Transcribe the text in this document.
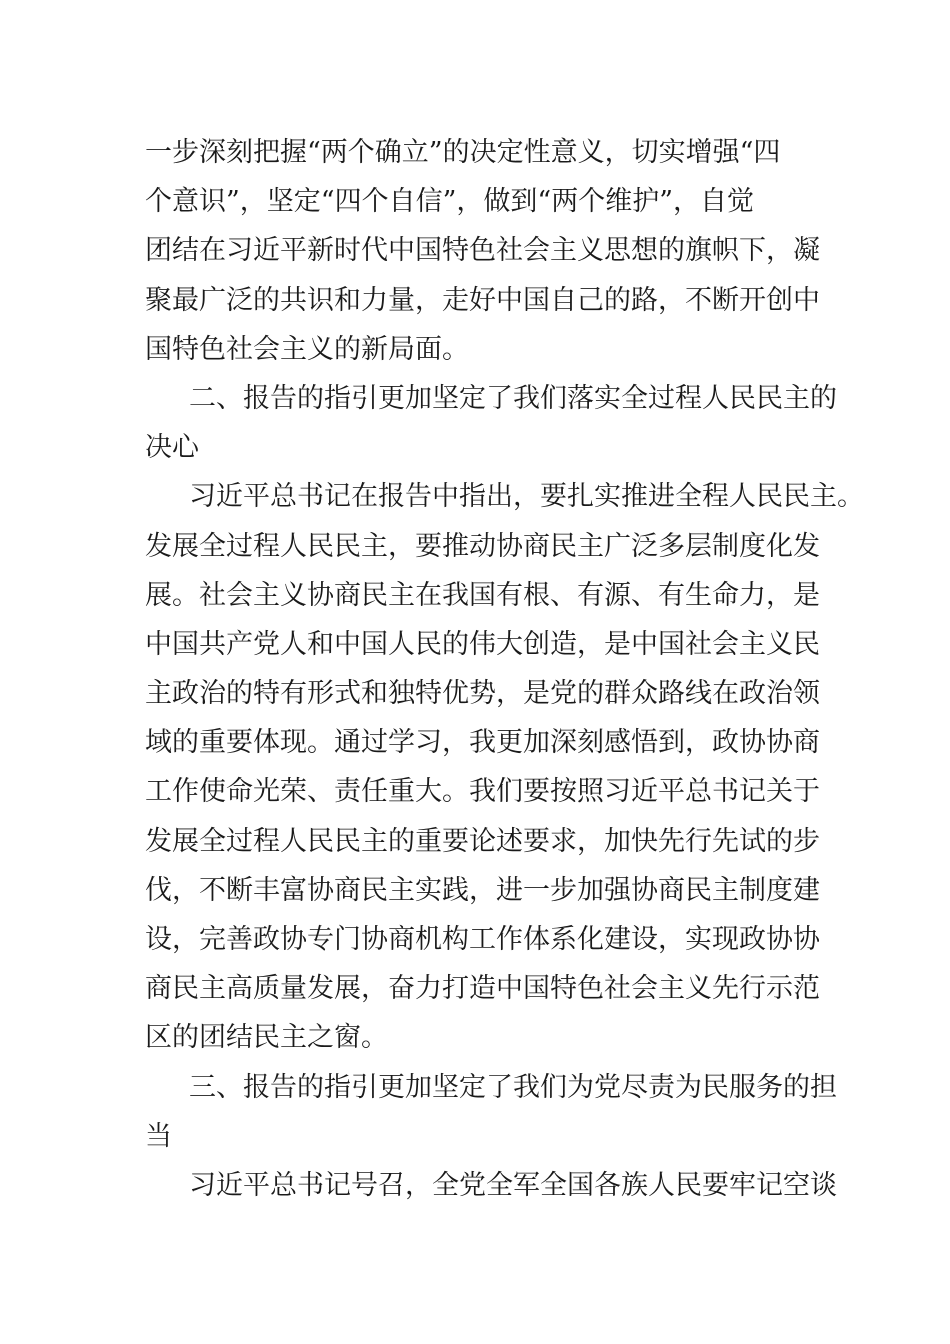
一步深刻把握“两个确立”的决定性意义，切实增强“四
个意识”，坚定“四个自信”，做到“两个维护”，自觉
团结在习近平新时代中国特色社会主义思想的旗帜下，凝
聚最广泛的共识和力量，走好中国自己的路，不断开创中
国特色社会主义的新局面。
二、报告的指引更加坚定了我们落实全过程人民民主的
决心
习近平总书记在报告中指出，要扎实推进全程人民民主。
发展全过程人民民主，要推动协商民主广泛多层制度化发
展。社会主义协商民主在我国有根、有源、有生命力，是
中国共产党人和中国人民的伟大创造，是中国社会主义民
主政治的特有形式和独特优势，是党的群众路线在政治领
域的重要体现。通过学习，我更加深刻感悟到，政协协商
工作使命光荣、责任重大。我们要按照习近平总书记关于
发展全过程人民民主的重要论述要求，加快先行先试的步
伐，不断丰富协商民主实践，进一步加强协商民主制度建
设，完善政协专门协商机构工作体系化建设，实现政协协
商民主高质量发展，奋力打造中国特色社会主义先行示范
区的团结民主之窗。
三、报告的指引更加坚定了我们为党尽责为民服务的担
当
习近平总书记号召，全党全军全国各族人民要牢记空谈
